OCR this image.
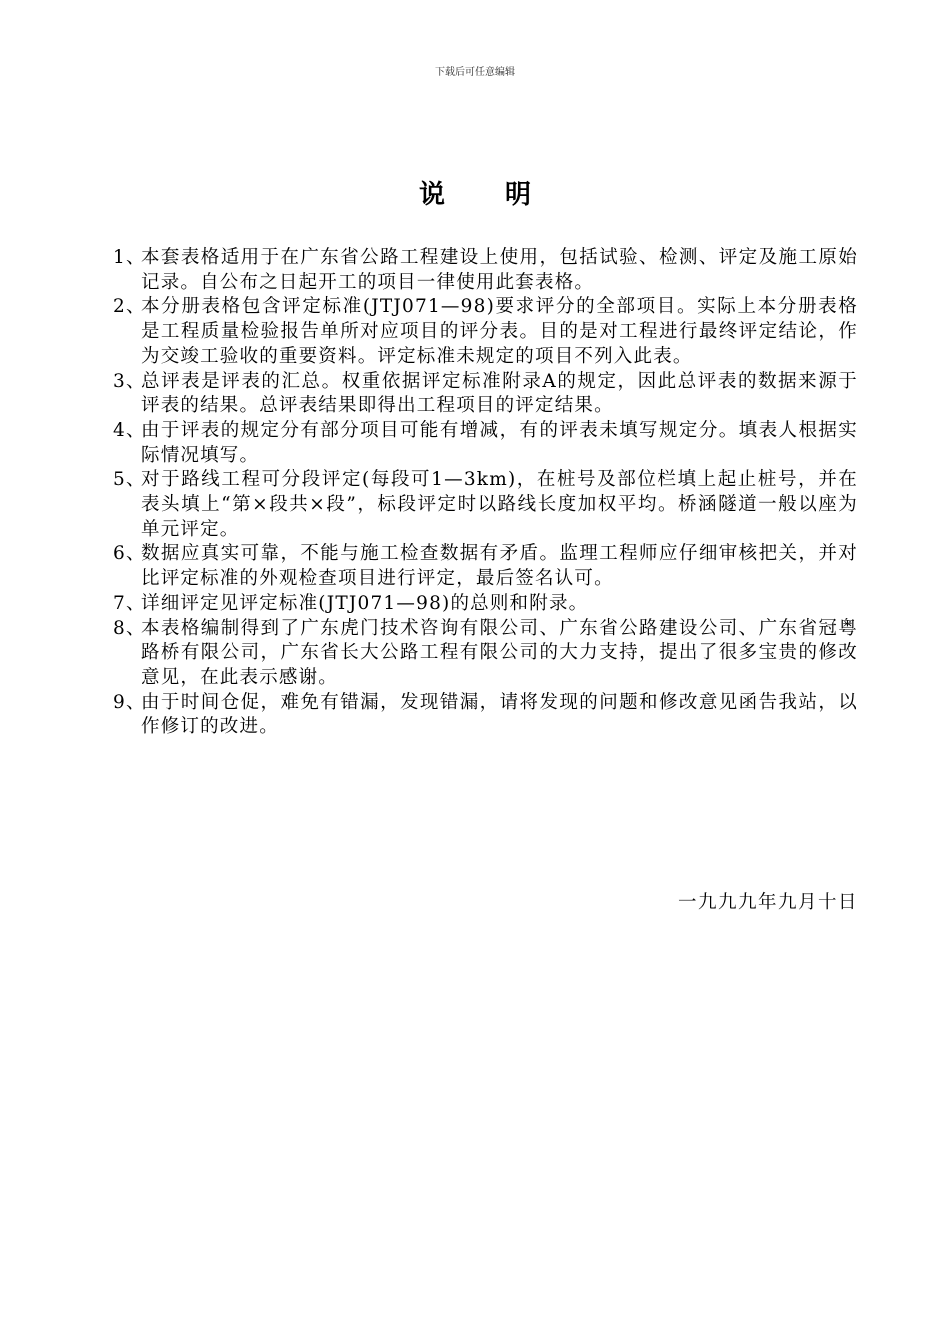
下载后可任意编辑
说明
1、
本套表格适用于在广东省公路工程建设上使用，包括试验、检测、评定及施工原始记录。自公布之日起开工的项目一律使用此套表格。
2、
本分册表格包含评定标准(JTJ071—98)要求评分的全部项目。实际上本分册表格是工程质量检验报告单所对应项目的评分表。目的是对工程进行最终评定结论，作为交竣工验收的重要资料。评定标准未规定的项目不列入此表。
3、
总评表是评表的汇总。权重依据评定标准附录A的规定，因此总评表的数据来源于评表的结果。总评表结果即得出工程项目的评定结果。
4、
由于评表的规定分有部分项目可能有增减，有的评表未填写规定分。填表人根据实际情况填写。
5、
对于路线工程可分段评定(每段可1—3km)，在桩号及部位栏填上起止桩号，并在表头填上“第×段共×段”，标段评定时以路线长度加权平均。桥涵隧道一般以座为单元评定。
6、
数据应真实可靠，不能与施工检查数据有矛盾。监理工程师应仔细审核把关，并对比评定标准的外观检查项目进行评定，最后签名认可。
7、
详细评定见评定标准(JTJ071—98)的总则和附录。
8、
本表格编制得到了广东虎门技术咨询有限公司、广东省公路建设公司、广东省冠粤路桥有限公司，广东省长大公路工程有限公司的大力支持，提出了很多宝贵的修改意见，在此表示感谢。
9、
由于时间仓促，难免有错漏，发现错漏，请将发现的问题和修改意见函告我站，以作修订的改进。
一九九九年九月十日
